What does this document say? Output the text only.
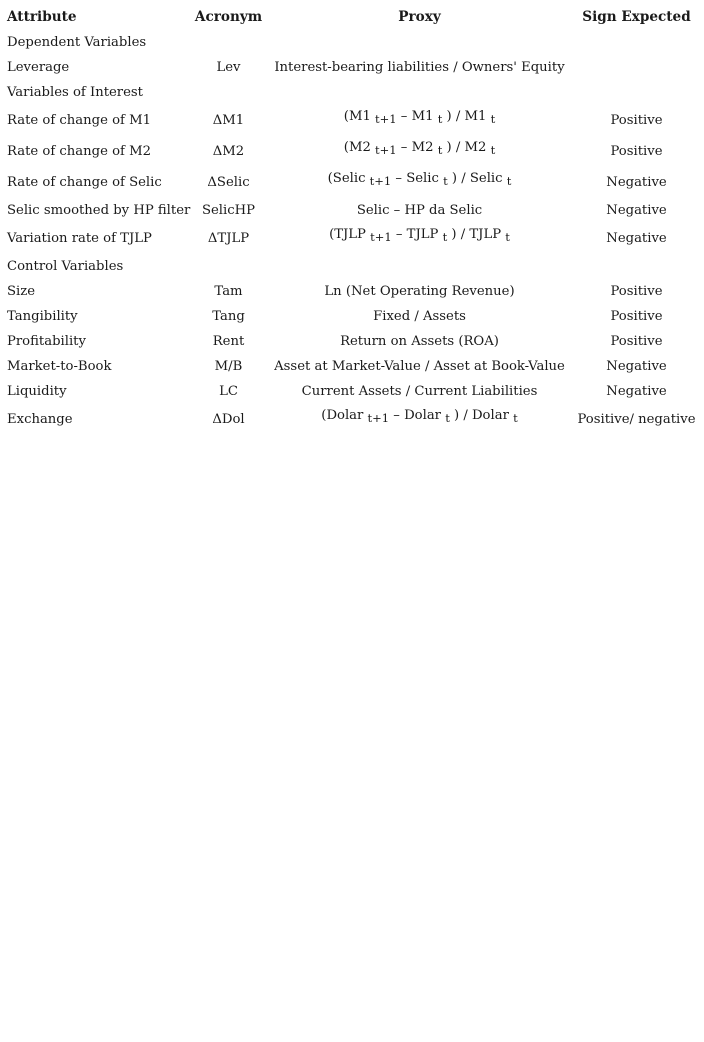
Attribute	Acronym	Proxy	Sign Expected
Dependent Variables			
Leverage	Lev	Interest-bearing liabilities / Owners' Equity	
Variables of Interest			
Rate of change of M1	ΔM1	(M1 $_{t+1}$ – M1 $_t$ ) / M1 $_t$	Positive
Rate of change of M2	ΔM2	(M2 $_{t+1}$ – M2 $_t$ ) / M2 $_t$	Positive
Rate of change of Selic	ΔSelic	(Selic $_{t+1}$ – Selic $_t$ ) / Selic $_t$	Negative
Selic smoothed by HP filter	SelicHP	Selic – HP da Selic	Negative
Variation rate of TJLP	ΔTJLP	(TJLP $_{t+1}$ – TJLP $_t$ ) / TJLP $_t$	Negative
Control Variables			
Size	Tam	Ln (Net Operating Revenue)	Positive
Tangibility	Tang	Fixed / Assets	Positive
Profitability	Rent	Return on Assets (ROA)	Positive
Market-to-Book	M/B	Asset at Market-Value / Asset at Book-Value	Negative
Liquidity	LC	Current Assets / Current Liabilities	Negative
Exchange	ΔDol	(Dolar $_{t+1}$ – Dolar $_t$ ) / Dolar $_t$	Positive/ negative
